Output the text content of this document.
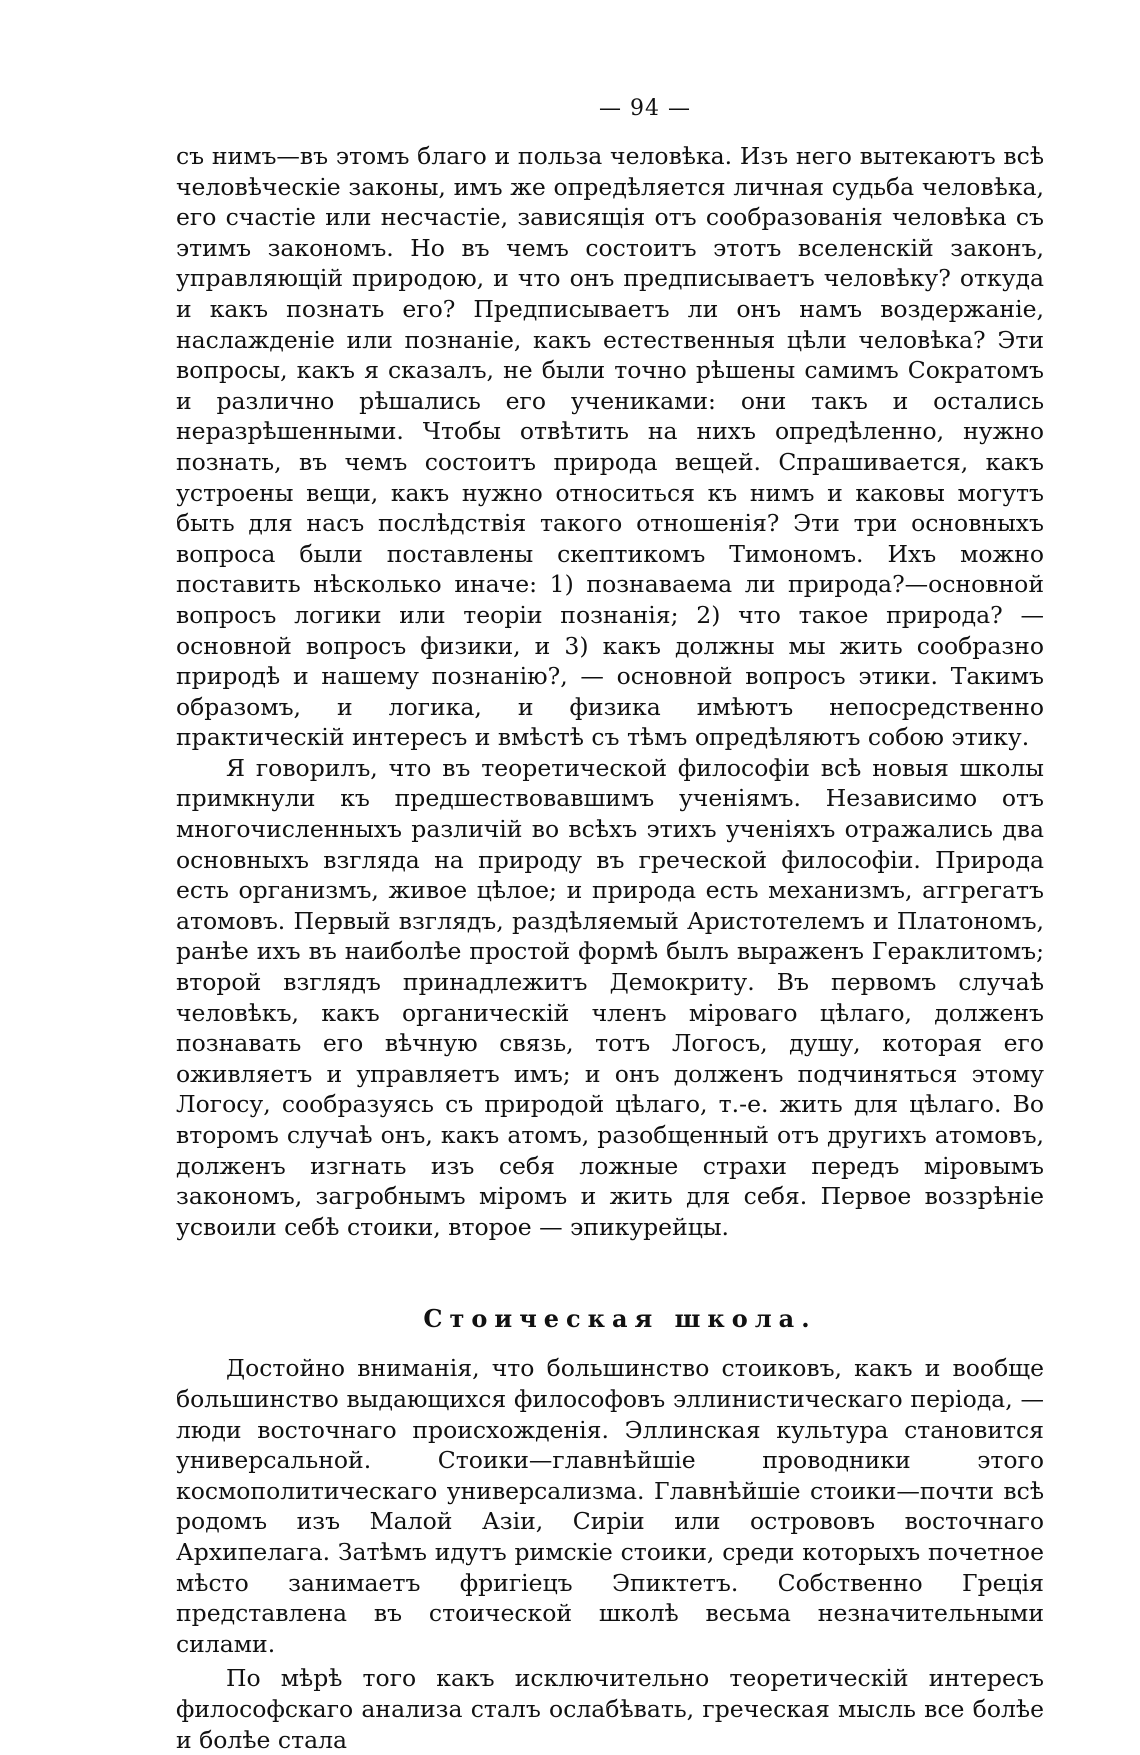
— 94 —

съ нимъ—въ этомъ благо и польза человѣка. Изъ него вытекаютъ всѣ человѣческіе законы, имъ же опредѣляется личная судьба человѣка, его счастіе или несчастіе, зависящія отъ сообразованія человѣка съ этимъ закономъ. Но въ чемъ состоитъ этотъ вселенскій законъ, управляющій природою, и что онъ предписываетъ человѣку? откуда и какъ познать его? Предписываетъ ли онъ намъ воздержаніе, наслажденіе или познаніе, какъ естественныя цѣли человѣка? Эти вопросы, какъ я сказалъ, не были точно рѣшены самимъ Сократомъ и различно рѣшались его учениками: они такъ и остались неразрѣшенными. Чтобы отвѣтить на нихъ опредѣленно, нужно познать, въ чемъ состоитъ природа вещей. Спрашивается, какъ устроены вещи, какъ нужно относиться къ нимъ и каковы могутъ быть для насъ послѣдствія такого отношенія? Эти три основныхъ вопроса были поставлены скептикомъ Тимономъ. Ихъ можно поставить нѣсколько иначе: 1) познаваема ли природа?—основной вопросъ логики или теоріи познанія; 2) что такое природа? — основной вопросъ физики, и 3) какъ должны мы жить сообразно природѣ и нашему познанію?, — основной вопросъ этики. Такимъ образомъ, и логика, и физика имѣютъ непосредственно практическій интересъ и вмѣстѣ съ тѣмъ опредѣляютъ собою этику.

Я говорилъ, что въ теоретической философіи всѣ новыя школы примкнули къ предшествовавшимъ ученіямъ. Независимо отъ многочисленныхъ различій во всѣхъ этихъ ученіяхъ отражались два основныхъ взгляда на природу въ греческой философіи. Природа есть организмъ, живое цѣлое; и природа есть механизмъ, аггрегатъ атомовъ. Первый взглядъ, раздѣляемый Аристотелемъ и Платономъ, ранѣе ихъ въ наиболѣе простой формѣ былъ выраженъ Гераклитомъ; второй взглядъ принадлежитъ Демокриту. Въ первомъ случаѣ человѣкъ, какъ органическій членъ міроваго цѣлаго, долженъ познавать его вѣчную связь, тотъ Логосъ, душу, которая его оживляетъ и управляетъ имъ; и онъ долженъ подчиняться этому Логосу, сообразуясь съ природой цѣлаго, т.-е. жить для цѣлаго. Во второмъ случаѣ онъ, какъ атомъ, разобщенный отъ другихъ атомовъ, долженъ изгнать изъ себя ложные страхи передъ міровымъ закономъ, загробнымъ міромъ и жить для себя. Первое воззрѣніе усвоили себѣ стоики, второе — эпикурейцы.

Стоическая школа.

Достойно вниманія, что большинство стоиковъ, какъ и вообще большинство выдающихся философовъ эллинистическаго періода, — люди восточнаго происхожденія. Эллинская культура становится универсальной. Стоики—главнѣйшіе проводники этого космополитическаго универсализма. Главнѣйшіе стоики—почти всѣ родомъ изъ Малой Азіи, Сиріи или острововъ восточнаго Архипелага. Затѣмъ идутъ римскіе стоики, среди которыхъ почетное мѣсто занимаетъ фригіецъ Эпиктетъ. Собственно Греція представлена въ стоической школѣ весьма незначительными силами.

По мѣрѣ того какъ исключительно теоретическій интересъ философскаго анализа сталъ ослабѣвать, греческая мысль все болѣе и болѣе стала
